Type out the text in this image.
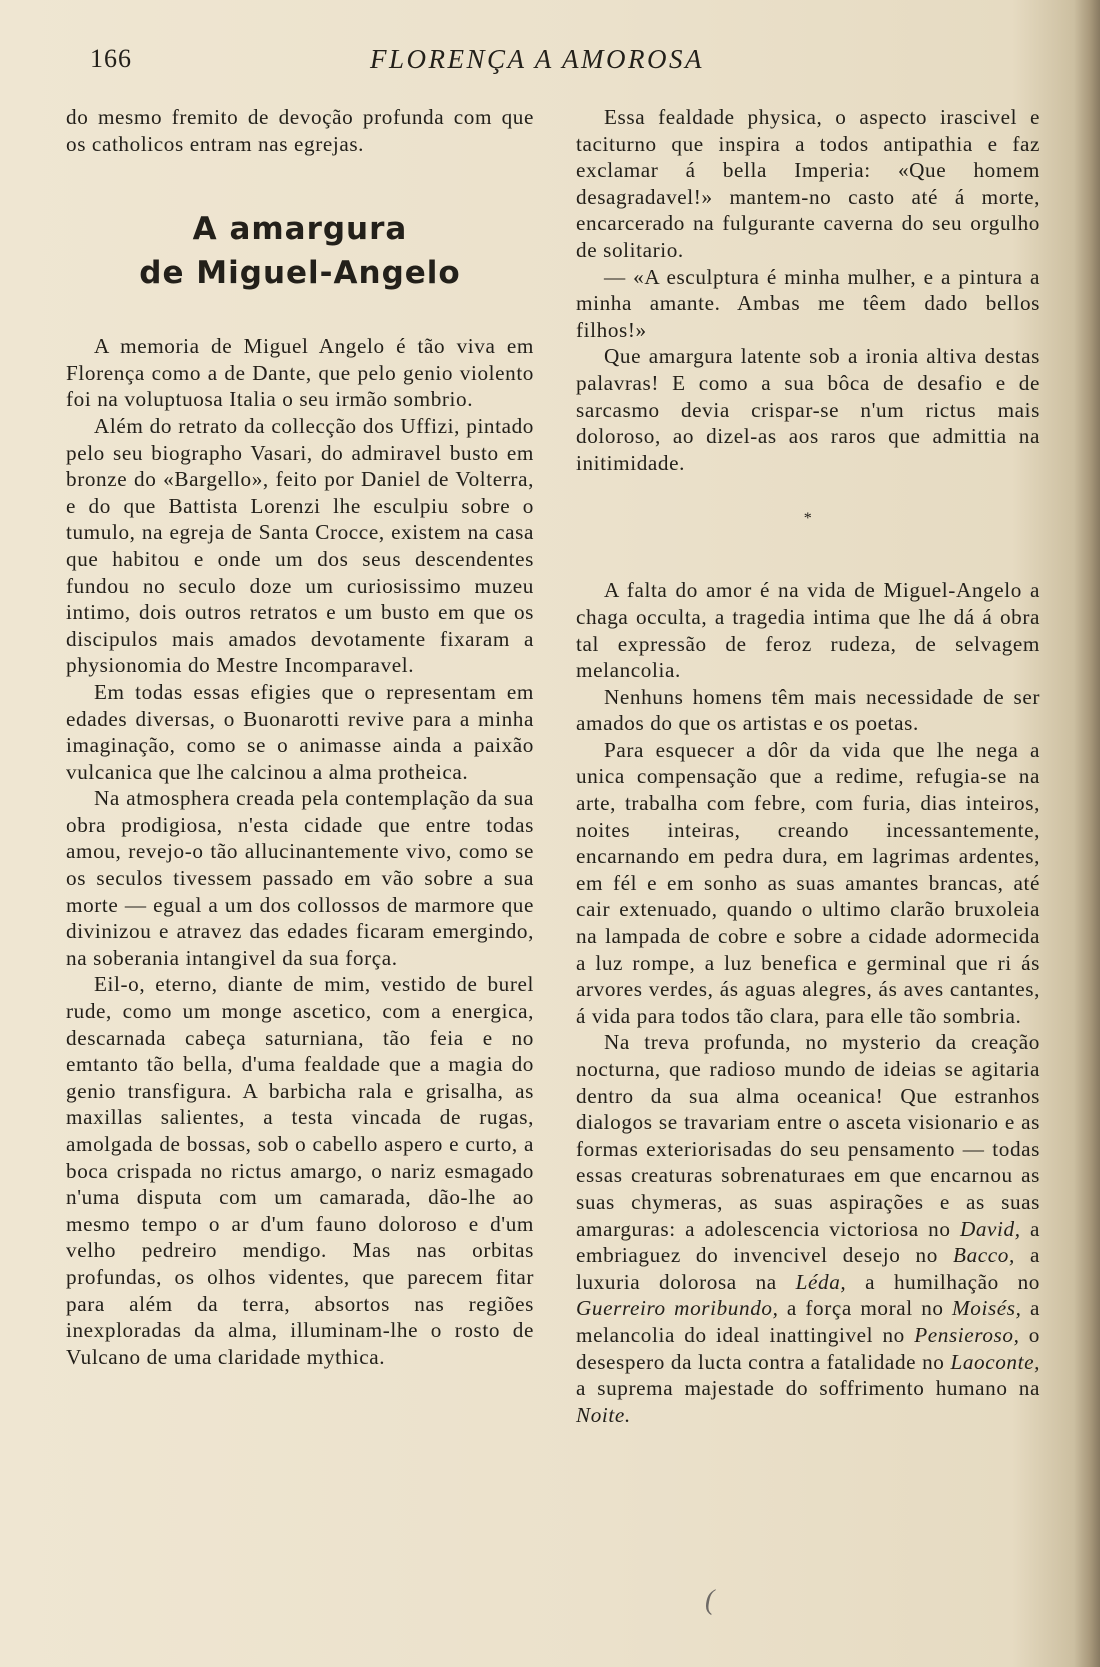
166	FLORENÇA A AMOROSA

do mesmo fremito de devoção profunda com que os catholicos entram nas egrejas.

A amargura
de Miguel-Angelo

A memoria de Miguel Angelo é tão viva em Florença como a de Dante, que pelo genio violento foi na voluptuosa Italia o seu irmão sombrio.

Além do retrato da collecção dos Uffizi, pintado pelo seu biographo Vasari, do admiravel busto em bronze do «Bargello», feito por Daniel de Volterra, e do que Battista Lorenzi lhe esculpiu sobre o tumulo, na egreja de Santa Crocce, existem na casa que habitou e onde um dos seus descendentes fundou no seculo doze um curiosissimo muzeu intimo, dois outros retratos e um busto em que os discipulos mais amados devotamente fixaram a physionomia do Mestre Incomparavel.

Em todas essas efigies que o representam em edades diversas, o Buonarotti revive para a minha imaginação, como se o animasse ainda a paixão vulcanica que lhe calcinou a alma protheica.

Na atmosphera creada pela contemplação da sua obra prodigiosa, n'esta cidade que entre todas amou, revejo-o tão allucinantemente vivo, como se os seculos tivessem passado em vão sobre a sua morte — egual a um dos collossos de marmore que divinizou e atravez das edades ficaram emergindo, na soberania intangivel da sua força.

Eil-o, eterno, diante de mim, vestido de burel rude, como um monge ascetico, com a energica, descarnada cabeça saturniana, tão feia e no emtanto tão bella, d'uma fealdade que a magia do genio transfigura. A barbicha rala e grisalha, as maxillas salientes, a testa vincada de rugas, amolgada de bossas, sob o cabello aspero e curto, a boca crispada no rictus amargo, o nariz esmagado n'uma disputa com um camarada, dão-lhe ao mesmo tempo o ar d'um fauno doloroso e d'um velho pedreiro mendigo. Mas nas orbitas profundas, os olhos videntes, que parecem fitar para além da terra, absortos nas regiões inexploradas da alma, illuminam-lhe o rosto de Vulcano de uma claridade mythica.

Essa fealdade physica, o aspecto irascivel e taciturno que inspira a todos antipathia e faz exclamar á bella Imperia: «Que homem desagradavel!» mantem-no casto até á morte, encarcerado na fulgurante caverna do seu orgulho de solitario.

— «A esculptura é minha mulher, e a pintura a minha amante. Ambas me têem dado bellos filhos!»

Que amargura latente sob a ironia altiva destas palavras! E como a sua bôca de desafio e de sarcasmo devia crispar-se n'um rictus mais doloroso, ao dizel-as aos raros que admittia na initimidade.

*

A falta do amor é na vida de Miguel-Angelo a chaga occulta, a tragedia intima que lhe dá á obra tal expressão de feroz rudeza, de selvagem melancolia.

Nenhuns homens têm mais necessidade de ser amados do que os artistas e os poetas.

Para esquecer a dôr da vida que lhe nega a unica compensação que a redime, refugia-se na arte, trabalha com febre, com furia, dias inteiros, noites inteiras, creando incessantemente, encarnando em pedra dura, em lagrimas ardentes, em fél e em sonho as suas amantes brancas, até cair extenuado, quando o ultimo clarão bruxoleia na lampada de cobre e sobre a cidade adormecida a luz rompe, a luz benefica e germinal que ri ás arvores verdes, ás aguas alegres, ás aves cantantes, á vida para todos tão clara, para elle tão sombria.

Na treva profunda, no mysterio da creação nocturna, que radioso mundo de ideias se agitaria dentro da sua alma oceanica! Que estranhos dialogos se travariam entre o asceta visionario e as formas exteriorisadas do seu pensamento — todas essas creaturas sobrenaturaes em que encarnou as suas chymeras, as suas aspirações e as suas amarguras: a adolescencia victoriosa no David, a embriaguez do invencivel desejo no Bacco, a luxuria dolorosa na Léda, a humilhação no Guerreiro moribundo, a força moral no Moisés, a melancolia do ideal inattingivel no Pensieroso, o desespero da lucta contra a fatalidade no Laoconte, a suprema majestade do soffrimento humano na Noite.

(
